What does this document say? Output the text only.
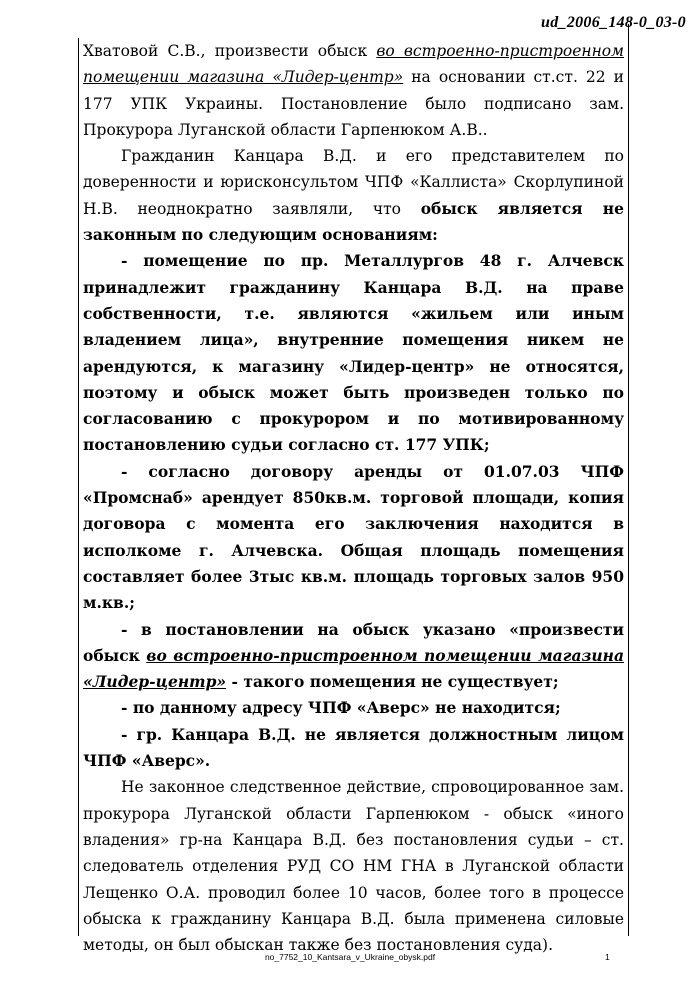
ud_2006_148-0_03-0

Хватовой С.В., произвести обыск во встроенно-пристроенном помещении магазина «Лидер-центр» на основании ст.ст. 22 и 177 УПК Украины. Постановление было подписано зам. Прокурора Луганской области Гарпенюком А.В..

Гражданин Канцара В.Д. и его представителем по доверенности и юрисконсультом ЧПФ «Каллиста» Скорлупиной Н.В. неоднократно заявляли, что обыск является не законным по следующим основаниям:

- помещение по пр. Металлургов 48 г. Алчевск принадлежит гражданину Канцара В.Д. на праве собственности, т.е. являются «жильем или иным владением лица», внутренние помещения никем не арендуются, к магазину «Лидер-центр» не относятся, поэтому и обыск может быть произведен только по согласованию с прокурором и по мотивированному постановлению судьи согласно ст. 177 УПК;

- согласно договору аренды от 01.07.03 ЧПФ «Промснаб» арендует 850кв.м. торговой площади, копия договора с момента его заключения находится в исполкоме г. Алчевска. Общая площадь помещения составляет более 3тыс кв.м. площадь торговых залов 950 м.кв.;

- в постановлении на обыск указано «произвести обыск во встроенно-пристроенном помещении магазина «Лидер-центр» - такого помещения не существует;

- по данному адресу ЧПФ «Аверс» не находится;

- гр. Канцара В.Д. не является должностным лицом ЧПФ «Аверс».

Не законное следственное действие, спровоцированное зам. прокурора Луганской области Гарпенюком - обыск «иного владения» гр-на Канцара В.Д. без постановления судьи – ст. следователь отделения РУД СО НМ ГНА в Луганской области Лещенко О.А. проводил более 10 часов, более того в процессе обыска к гражданину Канцара В.Д. была применена силовые методы, он был обыскан также без постановления суда).

no_7752_10_Kantsara_v_Ukraine_obysk.pdf	1
